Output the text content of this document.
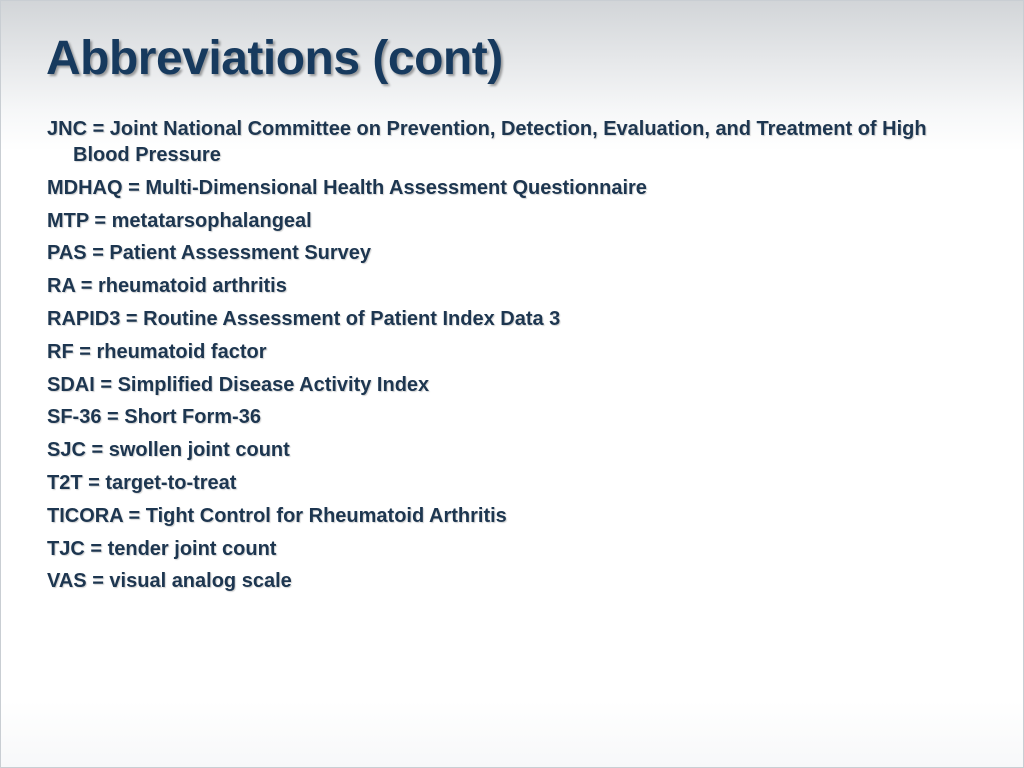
Abbreviations (cont)
JNC = Joint National Committee on Prevention, Detection, Evaluation, and Treatment of High Blood Pressure
MDHAQ = Multi-Dimensional Health Assessment Questionnaire
MTP = metatarsophalangeal
PAS = Patient Assessment Survey
RA = rheumatoid arthritis
RAPID3 = Routine Assessment of Patient Index Data 3
RF = rheumatoid factor
SDAI = Simplified Disease Activity Index
SF-36 = Short Form-36
SJC = swollen joint count
T2T = target-to-treat
TICORA = Tight Control for Rheumatoid Arthritis
TJC = tender joint count
VAS = visual analog scale
